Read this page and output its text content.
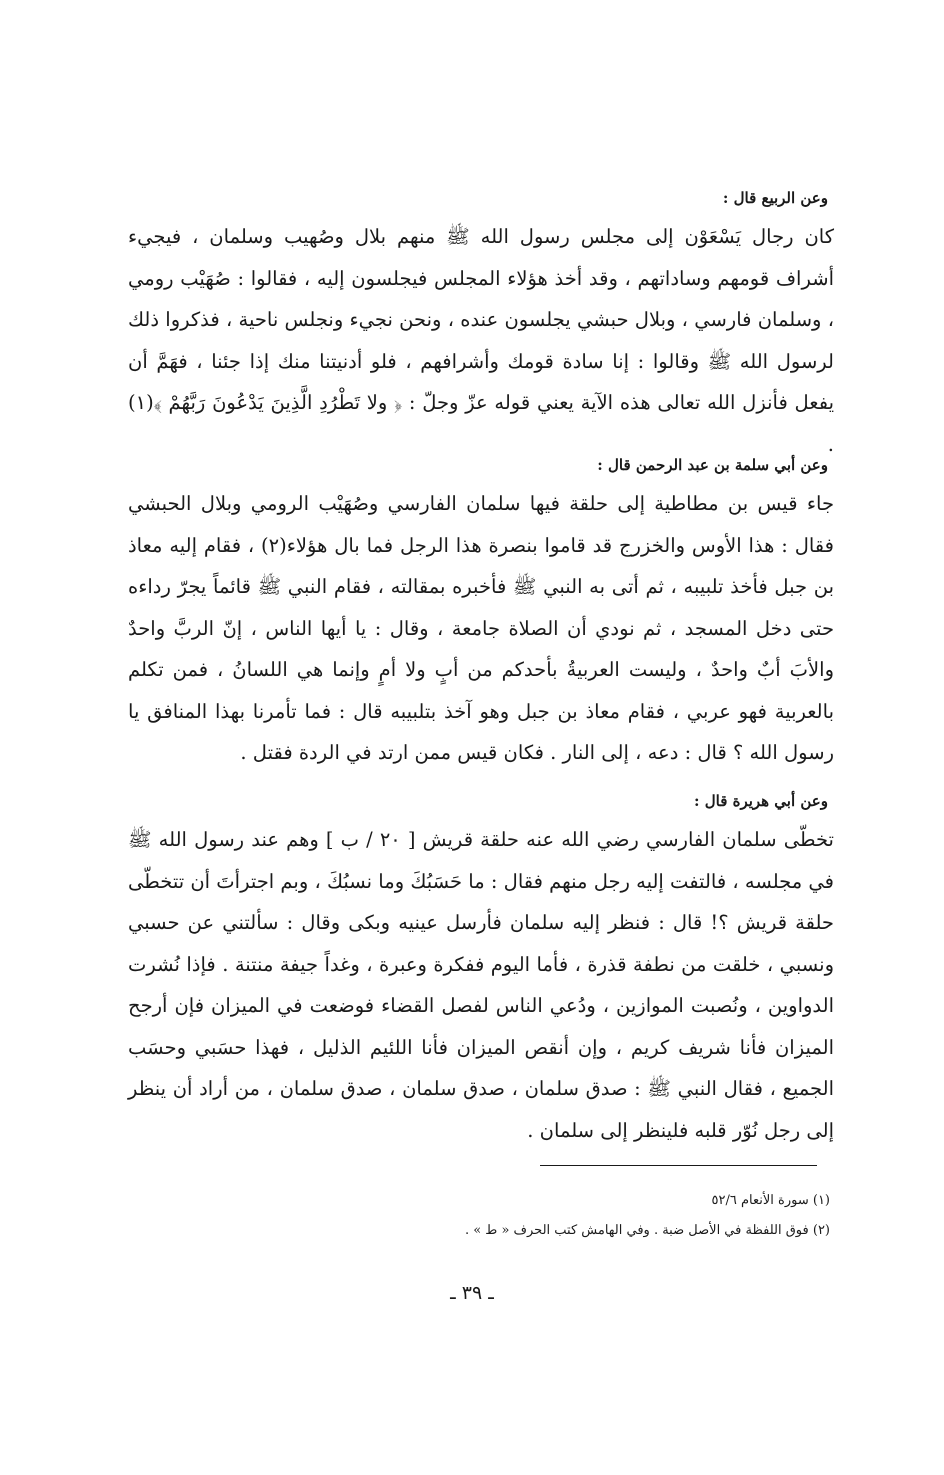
وعن الربيع قال :

كان رجال يَسْعَوْن إلى مجلس رسول الله ﷺ منهم بلال وصُهيب وسلمان ، فيجيء أشراف قومهم وساداتهم ، وقد أخذ هؤلاء المجلس فيجلسون إليه ، فقالوا : صُهَيْب رومي ، وسلمان فارسي ، وبلال حبشي يجلسون عنده ، ونحن نجيء ونجلس ناحية ، فذكروا ذلك لرسول الله ﷺ وقالوا : إنا سادة قومك وأشرافهم ، فلو أدنيتنا منك إذا جئنا ، فهَمَّ أن يفعل فأنزل الله تعالى هذه الآية يعني قوله عزّ وجلّ : ﴿ ولا تَطْرُدِ الَّذِينَ يَدْعُونَ رَبَّهُمْ ﴾(١) .

وعن أبي سلمة بن عبد الرحمن قال :

جاء قيس بن مطاطية إلى حلقة فيها سلمان الفارسي وصُهَيْب الرومي وبلال الحبشي فقال : هذا الأوس والخزرج قد قاموا بنصرة هذا الرجل فما بال هؤلاء(٢) ، فقام إليه معاذ بن جبل فأخذ تلبيبه ، ثم أتى به النبي ﷺ فأخبره بمقالته ، فقام النبي ﷺ قائماً يجرّ رداءه حتى دخل المسجد ، ثم نودي أن الصلاة جامعة ، وقال : يا أيها الناس ، إنّ الربَّ واحدٌ والأبَ أبٌ واحدٌ ، وليست العربيةُ بأحدكم من أبٍ ولا أمٍ وإنما هي اللسانُ ، فمن تكلم بالعربية فهو عربي ، فقام معاذ بن جبل وهو آخذ بتلبيبه قال : فما تأمرنا بهذا المنافق يا رسول الله ؟ قال : دعه ، إلى النار . فكان قيس ممن ارتد في الردة فقتل .

وعن أبي هريرة قال :

تخطّى سلمان الفارسي رضي الله عنه حلقة قريش [ ٢٠ / ب ] وهم عند رسول الله ﷺ في مجلسه ، فالتفت إليه رجل منهم فقال : ما حَسَبُكَ وما نسبُكَ ، وبم اجترأتَ أن تتخطّى حلقة قريش ؟! قال : فنظر إليه سلمان فأرسل عينيه وبكى وقال : سألتني عن حسبي ونسبي ، خلقت من نطفة قذرة ، فأما اليوم ففكرة وعبرة ، وغداً جيفة منتنة . فإذا نُشرت الدواوين ، ونُصبت الموازين ، ودُعي الناس لفصل القضاء فوضعت في الميزان فإن أرجح الميزان فأنا شريف كريم ، وإن أنقص الميزان فأنا اللئيم الذليل ، فهذا حسَبي وحسَب الجميع ، فقال النبي ﷺ : صدق سلمان ، صدق سلمان ، صدق سلمان ، من أراد أن ينظر إلى رجل نُوّر قلبه فلينظر إلى سلمان .

(١) سورة الأنعام ٥٢/٦
(٢) فوق اللفظة في الأصل ضبة . وفي الهامش كتب الحرف « ط » .
ـ ٣٩ ـ
